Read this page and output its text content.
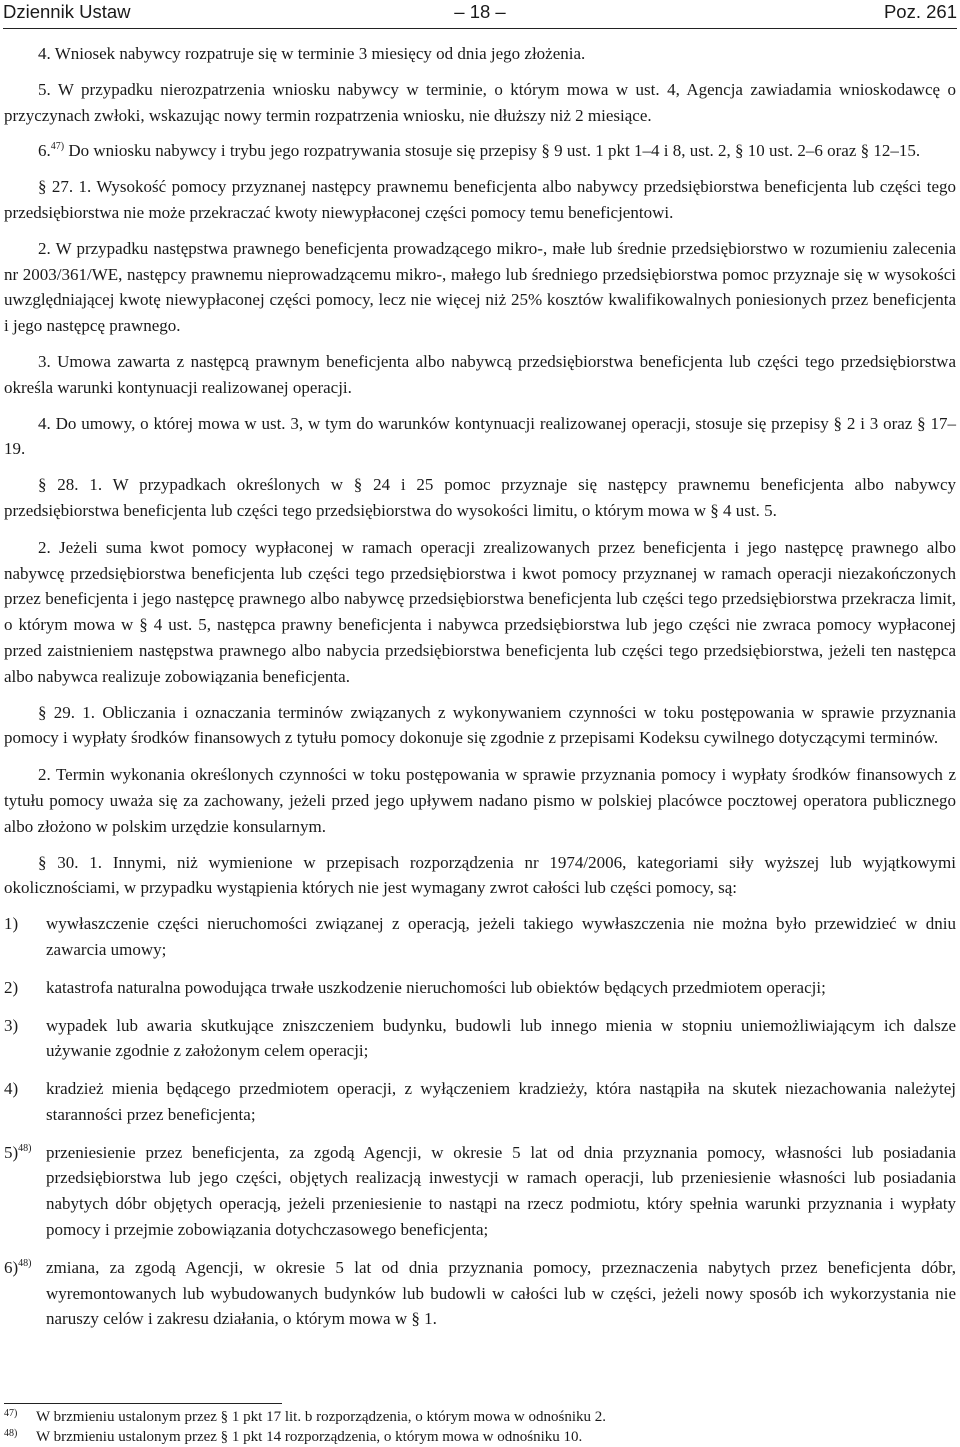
Dziennik Ustaw	– 18 –	Poz. 261

4. Wniosek nabywcy rozpatruje się w terminie 3 miesięcy od dnia jego złożenia.

5. W przypadku nierozpatrzenia wniosku nabywcy w terminie, o którym mowa w ust. 4, Agencja zawiadamia wnioskodawcę o przyczynach zwłoki, wskazując nowy termin rozpatrzenia wniosku, nie dłuższy niż 2 miesiące.

6.$^{47)}$ Do wniosku nabywcy i trybu jego rozpatrywania stosuje się przepisy § 9 ust. 1 pkt 1–4 i 8, ust. 2, § 10 ust. 2–6 oraz § 12–15.

§ 27. 1. Wysokość pomocy przyznanej następcy prawnemu beneficjenta albo nabywcy przedsiębiorstwa beneficjenta lub części tego przedsiębiorstwa nie może przekraczać kwoty niewypłaconej części pomocy temu beneficjentowi.

2. W przypadku następstwa prawnego beneficjenta prowadzącego mikro-, małe lub średnie przedsiębiorstwo w rozumieniu zalecenia nr 2003/361/WE, następcy prawnemu nieprowadzącemu mikro-, małego lub średniego przedsiębiorstwa pomoc przyznaje się w wysokości uwzględniającej kwotę niewypłaconej części pomocy, lecz nie więcej niż 25% kosztów kwalifikowalnych poniesionych przez beneficjenta i jego następcę prawnego.

3. Umowa zawarta z następcą prawnym beneficjenta albo nabywcą przedsiębiorstwa beneficjenta lub części tego przedsiębiorstwa określa warunki kontynuacji realizowanej operacji.

4. Do umowy, o której mowa w ust. 3, w tym do warunków kontynuacji realizowanej operacji, stosuje się przepisy § 2 i 3 oraz § 17–19.

§ 28. 1. W przypadkach określonych w § 24 i 25 pomoc przyznaje się następcy prawnemu beneficjenta albo nabywcy przedsiębiorstwa beneficjenta lub części tego przedsiębiorstwa do wysokości limitu, o którym mowa w § 4 ust. 5.

2. Jeżeli suma kwot pomocy wypłaconej w ramach operacji zrealizowanych przez beneficjenta i jego następcę prawnego albo nabywcę przedsiębiorstwa beneficjenta lub części tego przedsiębiorstwa i kwot pomocy przyznanej w ramach operacji niezakończonych przez beneficjenta i jego następcę prawnego albo nabywcę przedsiębiorstwa beneficjenta lub części tego przedsiębiorstwa przekracza limit, o którym mowa w § 4 ust. 5, następca prawny beneficjenta i nabywca przedsiębiorstwa lub jego części nie zwraca pomocy wypłaconej przed zaistnieniem następstwa prawnego albo nabycia przedsiębiorstwa beneficjenta lub części tego przedsiębiorstwa, jeżeli ten następca albo nabywca realizuje zobowiązania beneficjenta.

§ 29. 1. Obliczania i oznaczania terminów związanych z wykonywaniem czynności w toku postępowania w sprawie przyznania pomocy i wypłaty środków finansowych z tytułu pomocy dokonuje się zgodnie z przepisami Kodeksu cywilnego dotyczącymi terminów.

2. Termin wykonania określonych czynności w toku postępowania w sprawie przyznania pomocy i wypłaty środków finansowych z tytułu pomocy uważa się za zachowany, jeżeli przed jego upływem nadano pismo w polskiej placówce pocztowej operatora publicznego albo złożono w polskim urzędzie konsularnym.

§ 30. 1. Innymi, niż wymienione w przepisach rozporządzenia nr 1974/2006, kategoriami siły wyższej lub wyjątkowymi okolicznościami, w przypadku wystąpienia których nie jest wymagany zwrot całości lub części pomocy, są:

1) wywłaszczenie części nieruchomości związanej z operacją, jeżeli takiego wywłaszczenia nie można było przewidzieć w dniu zawarcia umowy;
2) katastrofa naturalna powodująca trwałe uszkodzenie nieruchomości lub obiektów będących przedmiotem operacji;
3) wypadek lub awaria skutkujące zniszczeniem budynku, budowli lub innego mienia w stopniu uniemożliwiającym ich dalsze używanie zgodnie z założonym celem operacji;
4) kradzież mienia będącego przedmiotem operacji, z wyłączeniem kradzieży, która nastąpiła na skutek niezachowania należytej staranności przez beneficjenta;
5)$^{48)}$ przeniesienie przez beneficjenta, za zgodą Agencji, w okresie 5 lat od dnia przyznania pomocy, własności lub posiadania przedsiębiorstwa lub jego części, objętych realizacją inwestycji w ramach operacji, lub przeniesienie własności lub posiadania nabytych dóbr objętych operacją, jeżeli przeniesienie to nastąpi na rzecz podmiotu, który spełnia warunki przyznania i wypłaty pomocy i przejmie zobowiązania dotychczasowego beneficjenta;
6)$^{48)}$ zmiana, za zgodą Agencji, w okresie 5 lat od dnia przyznania pomocy, przeznaczenia nabytych przez beneficjenta dóbr, wyremontowanych lub wybudowanych budynków lub budowli w całości lub w części, jeżeli nowy sposób ich wykorzystania nie naruszy celów i zakresu działania, o którym mowa w § 1.
47) W brzmieniu ustalonym przez § 1 pkt 17 lit. b rozporządzenia, o którym mowa w odnośniku 2.
48) W brzmieniu ustalonym przez § 1 pkt 14 rozporządzenia, o którym mowa w odnośniku 10.
